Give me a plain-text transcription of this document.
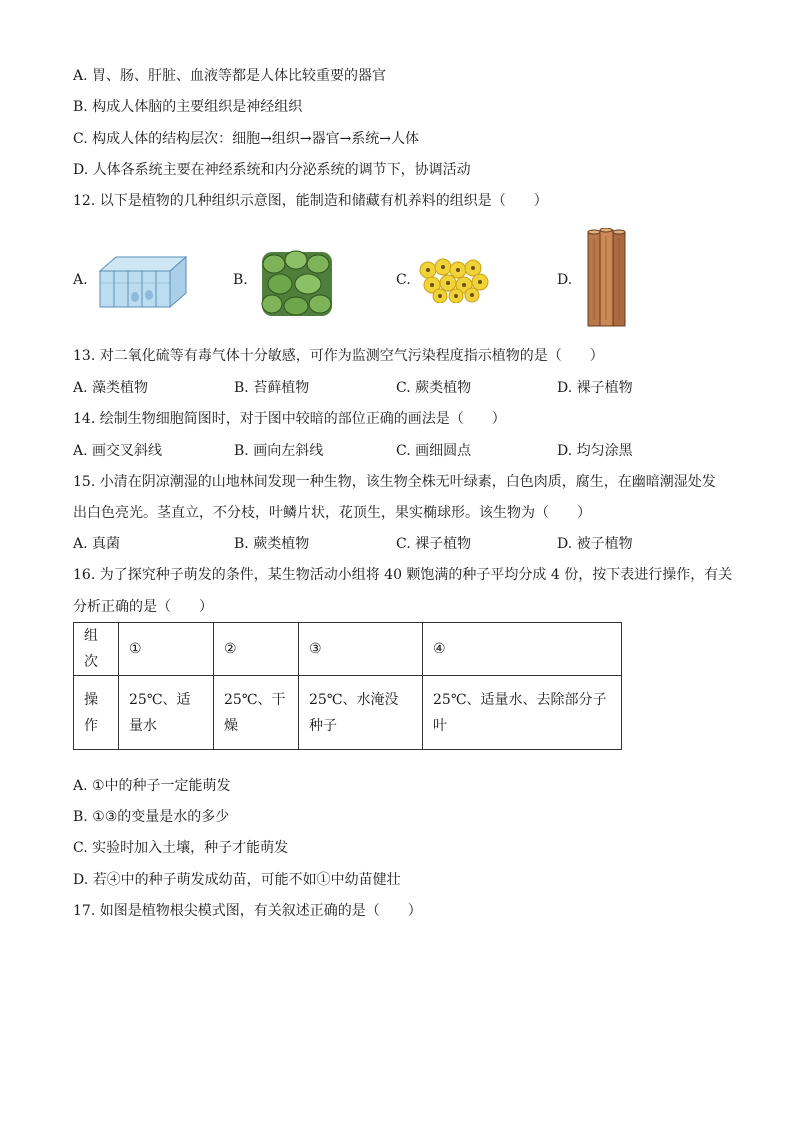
A. 胃、肠、肝脏、血液等都是人体比较重要的器官
B. 构成人体脑的主要组织是神经组织
C. 构成人体的结构层次：细胞→组织→器官→系统→人体
D. 人体各系统主要在神经系统和内分泌系统的调节下，协调活动
12. 以下是植物的几种组织示意图，能制造和储藏有机养料的组织是（　　）
A.	B.	C.	D.
13. 对二氧化硫等有毒气体十分敏感，可作为监测空气污染程度指示植物的是（　　）
A. 藻类植物	B. 苔藓植物	C. 蕨类植物	D. 裸子植物
14. 绘制生物细胞简图时，对于图中较暗的部位正确的画法是（　　）
A. 画交叉斜线	B. 画向左斜线	C. 画细圆点	D. 均匀涂黑
15. 小清在阴凉潮湿的山地林间发现一种生物，该生物全株无叶绿素，白色肉质，腐生，在幽暗潮湿处发
出白色亮光。茎直立，不分枝，叶鳞片状，花顶生，果实椭球形。该生物为（　　）
A. 真菌	B. 蕨类植物	C. 裸子植物	D. 被子植物
16. 为了探究种子萌发的条件，某生物活动小组将 40 颗饱满的种子平均分成 4 份，按下表进行操作，有关
分析正确的是（　　）
组次	①	②	③	④
操作	25℃、适量水	25℃、干燥	25℃、水淹没种子	25℃、适量水、去除部分子叶
A. ①中的种子一定能萌发
B. ①③的变量是水的多少
C. 实验时加入土壤，种子才能萌发
D. 若④中的种子萌发成幼苗，可能不如①中幼苗健壮
17. 如图是植物根尖模式图，有关叙述正确的是（　　）
